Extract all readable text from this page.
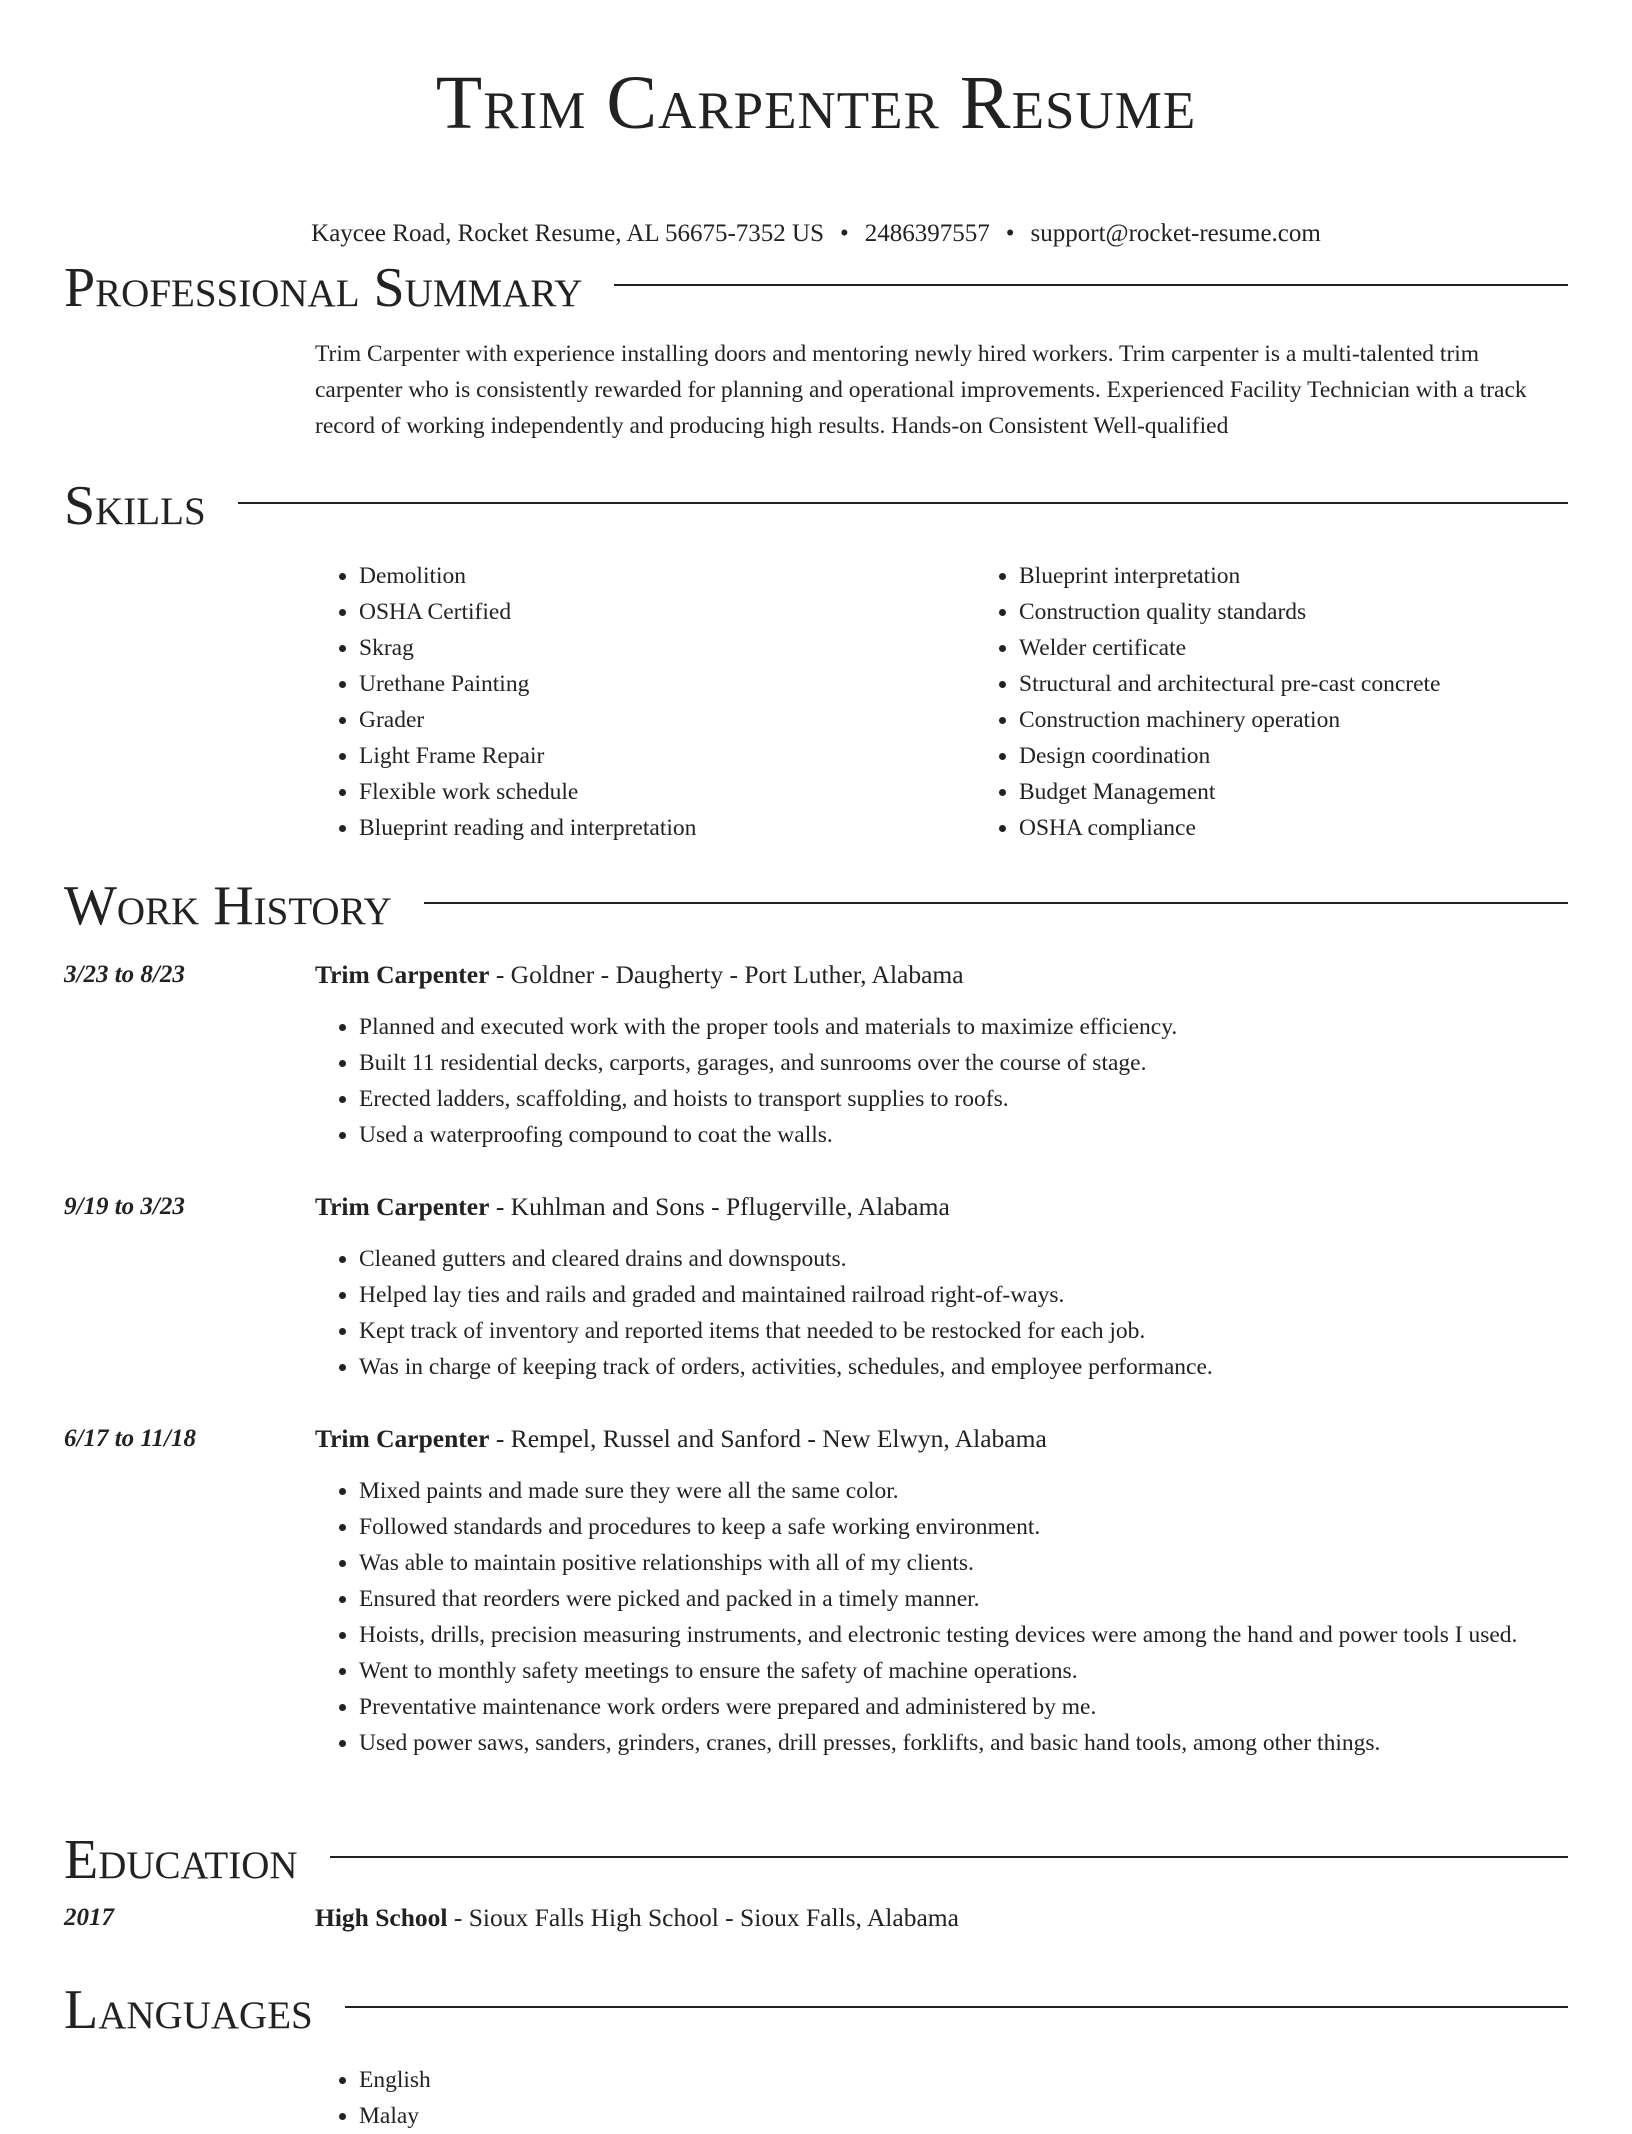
Trim Carpenter Resume
Kaycee Road, Rocket Resume, AL 56675-7352 US • 2486397557 • support@rocket-resume.com
Professional Summary

Trim Carpenter with experience installing doors and mentoring newly hired workers. Trim carpenter is a multi-talented trim carpenter who is consistently rewarded for planning and operational improvements. Experienced Facility Technician with a track record of working independently and producing high results. Hands-on Consistent Well-qualified

Skills
• Demolition
• OSHA Certified
• Skrag
• Urethane Painting
• Grader
• Light Frame Repair
• Flexible work schedule
• Blueprint reading and interpretation
• Blueprint interpretation
• Construction quality standards
• Welder certificate
• Structural and architectural pre-cast concrete
• Construction machinery operation
• Design coordination
• Budget Management
• OSHA compliance
Work History
3/23 to 8/23	Trim Carpenter - Goldner - Daugherty - Port Luther, Alabama
• Planned and executed work with the proper tools and materials to maximize efficiency.
• Built 11 residential decks, carports, garages, and sunrooms over the course of stage.
• Erected ladders, scaffolding, and hoists to transport supplies to roofs.
• Used a waterproofing compound to coat the walls.
9/19 to 3/23	Trim Carpenter - Kuhlman and Sons - Pflugerville, Alabama
• Cleaned gutters and cleared drains and downspouts.
• Helped lay ties and rails and graded and maintained railroad right-of-ways.
• Kept track of inventory and reported items that needed to be restocked for each job.
• Was in charge of keeping track of orders, activities, schedules, and employee performance.
6/17 to 11/18	Trim Carpenter - Rempel, Russel and Sanford - New Elwyn, Alabama
• Mixed paints and made sure they were all the same color.
• Followed standards and procedures to keep a safe working environment.
• Was able to maintain positive relationships with all of my clients.
• Ensured that reorders were picked and packed in a timely manner.
• Hoists, drills, precision measuring instruments, and electronic testing devices were among the hand and power tools I used.
• Went to monthly safety meetings to ensure the safety of machine operations.
• Preventative maintenance work orders were prepared and administered by me.
• Used power saws, sanders, grinders, cranes, drill presses, forklifts, and basic hand tools, among other things.
Education
2017	High School - Sioux Falls High School - Sioux Falls, Alabama
Languages
• English
• Malay
